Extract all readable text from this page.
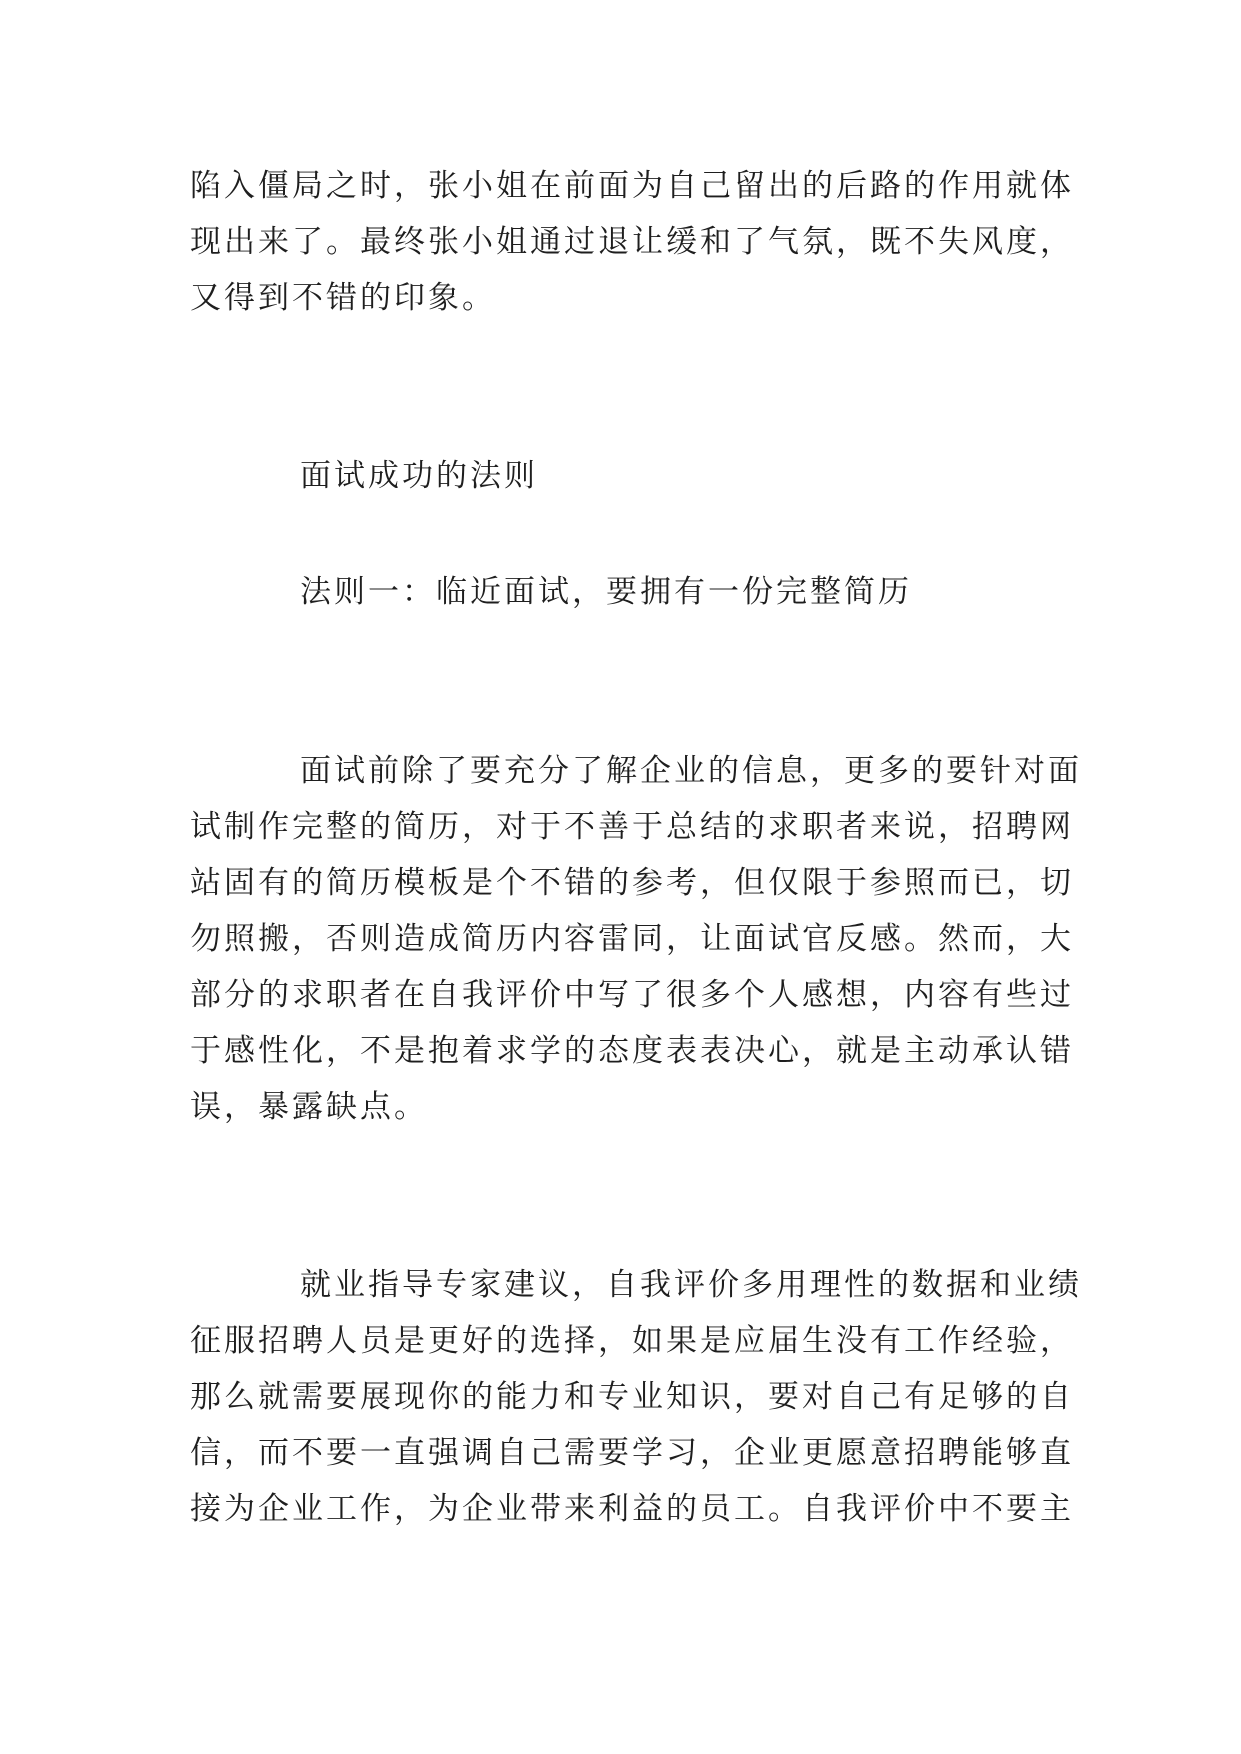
陷入僵局之时，张小姐在前面为自己留出的后路的作用就体
现出来了。最终张小姐通过退让缓和了气氛，既不失风度，
又得到不错的印象。
面试成功的法则
法则一：临近面试，要拥有一份完整简历
面试前除了要充分了解企业的信息，更多的要针对面
试制作完整的简历，对于不善于总结的求职者来说，招聘网
站固有的简历模板是个不错的参考，但仅限于参照而已，切
勿照搬，否则造成简历内容雷同，让面试官反感。然而，大
部分的求职者在自我评价中写了很多个人感想，内容有些过
于感性化，不是抱着求学的态度表表决心，就是主动承认错
误，暴露缺点。
就业指导专家建议，自我评价多用理性的数据和业绩
征服招聘人员是更好的选择，如果是应届生没有工作经验，
那么就需要展现你的能力和专业知识，要对自己有足够的自
信，而不要一直强调自己需要学习，企业更愿意招聘能够直
接为企业工作，为企业带来利益的员工。自我评价中不要主
